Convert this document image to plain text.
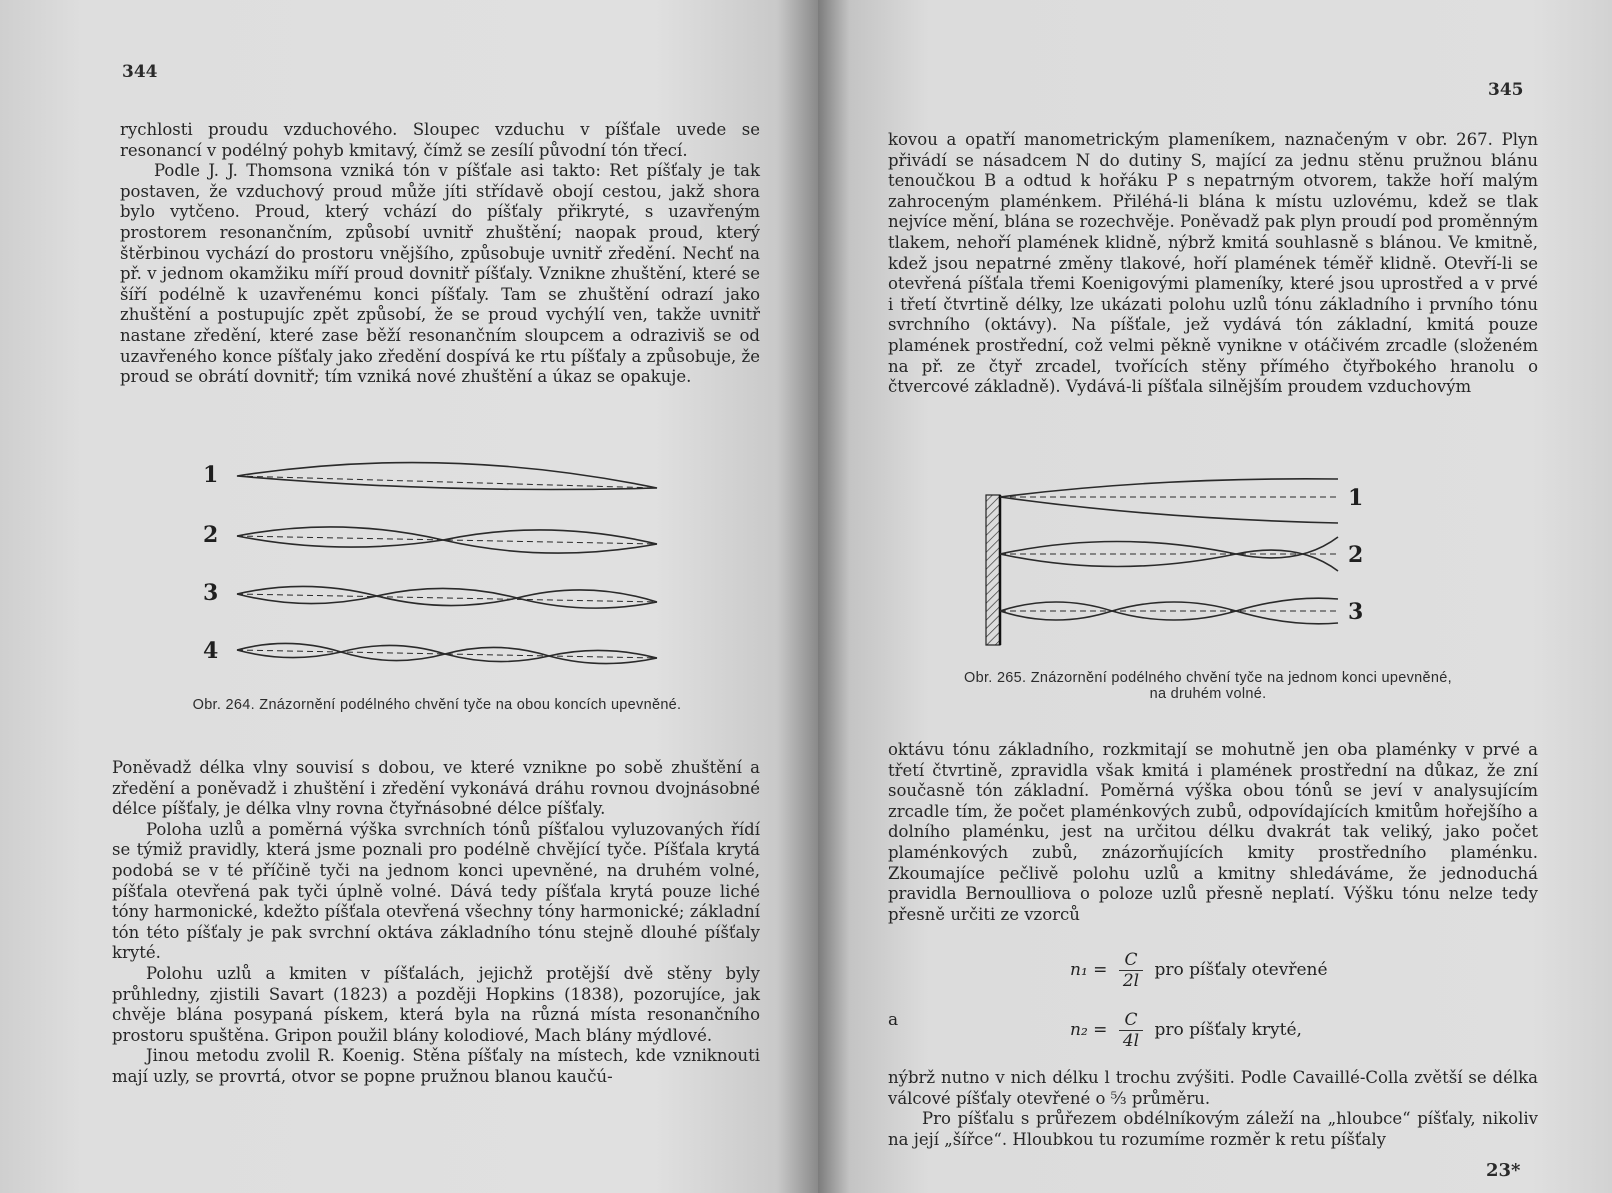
344

rychlosti proudu vzduchového. Sloupec vzduchu v píšťale uvede se resonancí v podélný pohyb kmitavý, čímž se zesílí původní tón třecí.

Podle J. J. Thomsona vzniká tón v píšťale asi takto: Ret píšťaly je tak postaven, že vzduchový proud může jíti střídavě obojí cestou, jakž shora bylo vytčeno. Proud, který vchází do píšťaly přikryté, s uzavřeným prostorem resonančním, způsobí uvnitř zhuštění; naopak proud, který štěrbinou vychází do prostoru vnějšího, způsobuje uvnitř zředění. Nechť na př. v jednom okamžiku míří proud dovnitř píšťaly. Vznikne zhuštění, které se šíří podélně k uzavřenému konci píšťaly. Tam se zhuštění odrazí jako zhuštění a postupujíc zpět způsobí, že se proud vychýlí ven, takže uvnitř nastane zředění, které zase běží resonančním sloupcem a odraziviš se od uzavřeného konce píšťaly jako zředění dospívá ke rtu píšťaly a způsobuje, že proud se obrátí dovnitř; tím vzniká nové zhuštění a úkaz se opakuje.

1
2
3
4
Obr. 264. Znázornění podélného chvění tyče na obou koncích upevněné.

Poněvadž délka vlny souvisí s dobou, ve které vznikne po sobě zhuštění a zředění a poněvadž i zhuštění i zředění vykonává dráhu rovnou dvojnásobné délce píšťaly, je délka vlny rovna čtyřnásobné délce píšťaly.

Poloha uzlů a poměrná výška svrchních tónů píšťalou vyluzovaných řídí se týmiž pravidly, která jsme poznali pro podélně chvějící tyče. Píšťala krytá podobá se v té příčině tyči na jednom konci upevněné, na druhém volné, píšťala otevřená pak tyči úplně volné. Dává tedy píšťala krytá pouze liché tóny harmonické, kdežto píšťala otevřená všechny tóny harmonické; základní tón této píšťaly je pak svrchní oktáva základního tónu stejně dlouhé píšťaly kryté.

Polohu uzlů a kmiten v píšťalách, jejichž protější dvě stěny byly průhledny, zjistili Savart (1823) a později Hopkins (1838), pozorujíce, jak chvěje blána posypaná pískem, která byla na různá místa resonančního prostoru spuštěna. Gripon použil blány kolodiové, Mach blány mýdlové.

Jinou metodu zvolil R. Koenig. Stěna píšťaly na místech, kde vzniknouti mají uzly, se provrtá, otvor se popne pružnou blanou kaučú-

345

kovou a opatří manometrickým plameníkem, naznačeným v obr. 267. Plyn přivádí se násadcem N do dutiny S, mající za jednu stěnu pružnou blánu tenoučkou B a odtud k hořáku P s nepatrným otvorem, takže hoří malým zahroceným plaménkem. Přiléhá-li blána k místu uzlovému, kdež se tlak nejvíce mění, blána se rozechvěje. Poněvadž pak plyn proudí pod proměnným tlakem, nehoří plamének klidně, nýbrž kmitá souhlasně s blánou. Ve kmitně, kdež jsou nepatrné změny tlakové, hoří plamének téměř klidně. Otevří-li se otevřená píšťala třemi Koenigovými plameníky, které jsou uprostřed a v prvé i třetí čtvrtině délky, lze ukázati polohu uzlů tónu základního i prvního tónu svrchního (oktávy). Na píšťale, jež vydává tón základní, kmitá pouze plamének prostřední, což velmi pěkně vynikne v otáčivém zrcadle (složeném na př. ze čtyř zrcadel, tvořících stěny přímého čtyřbokého hranolu o čtvercové základně). Vydává-li píšťala silnějším proudem vzduchovým

1
2
3
Obr. 265. Znázornění podélného chvění tyče na jednom konci upevněné,
na druhém volné.

oktávu tónu základního, rozkmitají se mohutně jen oba plaménky v prvé a třetí čtvrtině, zpravidla však kmitá i plamének prostřední na důkaz, že zní současně tón základní. Poměrná výška obou tónů se jeví v analysujícím zrcadle tím, že počet plaménkových zubů, odpovídajících kmitům hořejšího a dolního plaménku, jest na určitou délku dvakrát tak veliký, jako počet plaménkových zubů, znázorňujících kmity prostředního plaménku. Zkoumajíce pečlivě polohu uzlů a kmitny shledáváme, že jednoduchá pravidla Bernoulliova o poloze uzlů přesně neplatí. Výšku tónu nelze tedy přesně určiti ze vzorců

$n_1 = \frac{C}{2l}$ pro píšťaly otevřené
a	$n_2 = \frac{C}{4l}$ pro píšťaly kryté,

nýbrž nutno v nich délku l trochu zvýšiti. Podle Cavaillé-Colla zvětší se délka válcové píšťaly otevřené o ⁵⁄₃ průměru.

Pro píšťalu s průřezem obdélníkovým záleží na „hloubce“ píšťaly, nikoliv na její „šířce“. Hloubkou tu rozumíme rozměr k retu píšťaly

23*
